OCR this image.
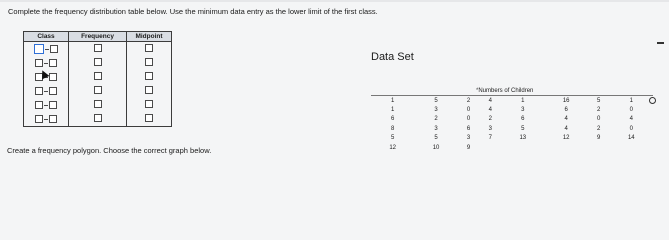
Complete the frequency distribution table below. Use the minimum data entry as the lower limit of the first class.
Class	Frequency	Midpoint

Create a frequency polygon. Choose the correct graph below.
Data Set
*Numbers of Children
1	5	2	4	1	16	5	1
1	3	0	4	3	6	2	0
6	2	0	2	6	4	0	4
8	3	6	3	5	4	2	0
5	5	3	7	13	12	9	14
12	10	9					
